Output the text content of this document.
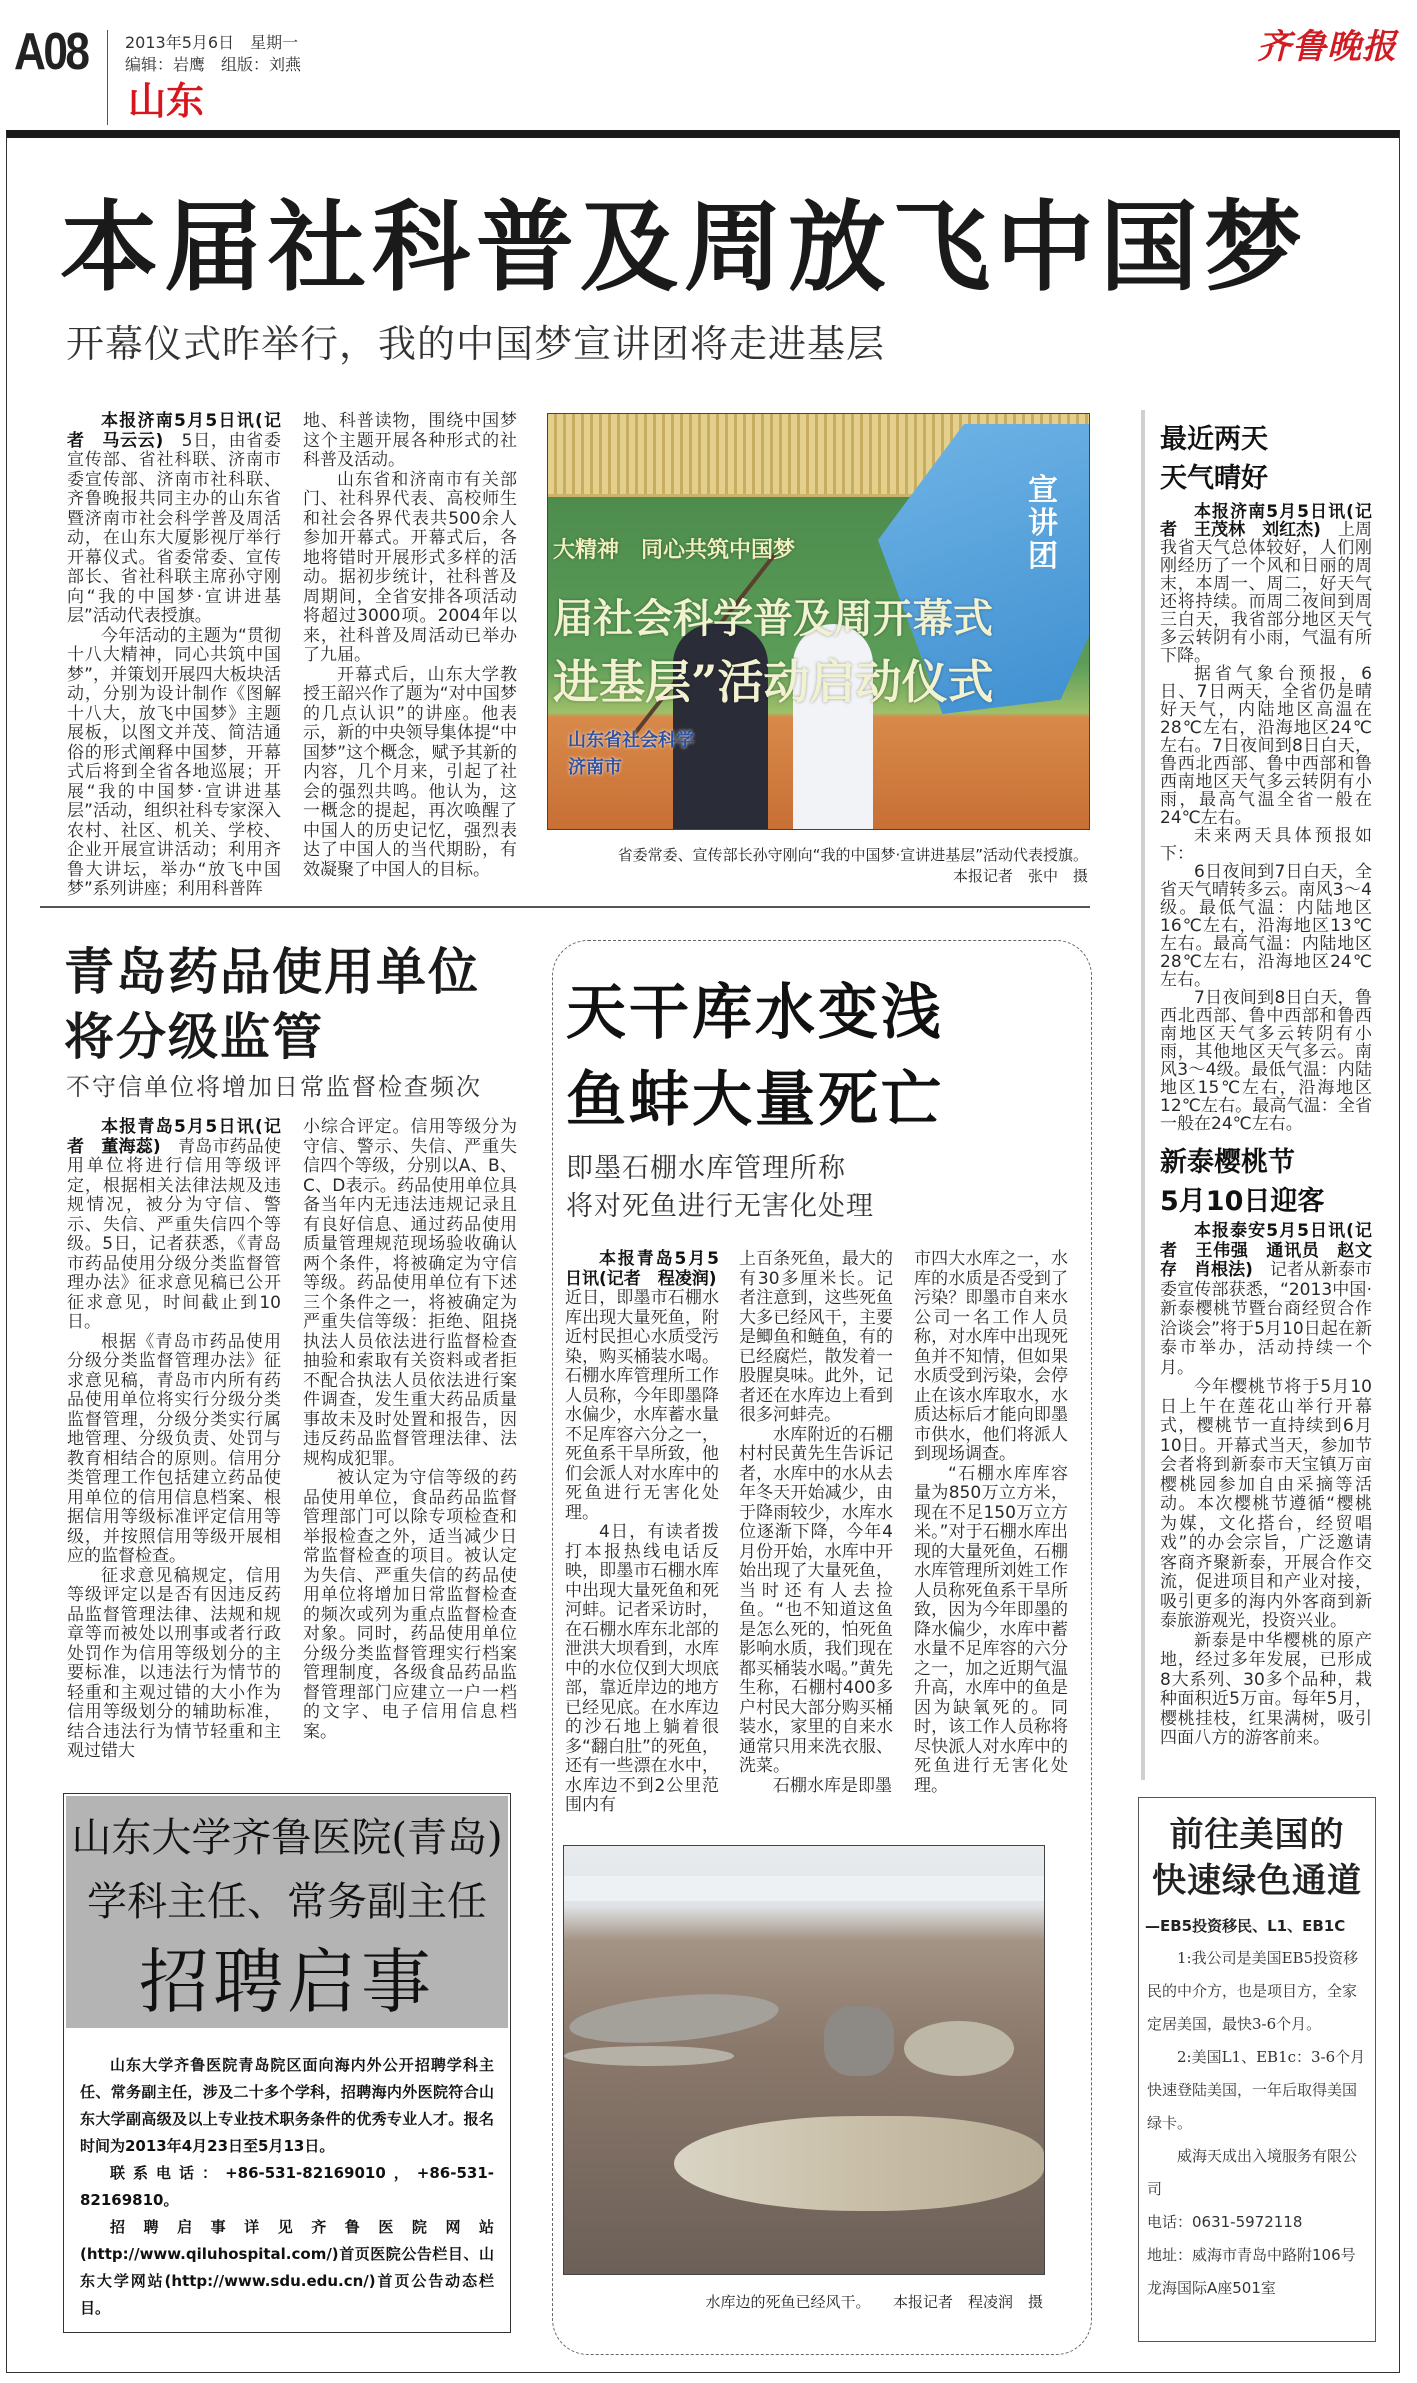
A08 2013年5月6日　星期一
编辑：岩鹰　组版：刘燕
山东
齐鲁晚报
本届社科普及周放飞中国梦
开幕仪式昨举行，我的中国梦宣讲团将走进基层

本报济南5月5日讯(记者　马云云)　5日，由省委宣传部、省社科联、济南市委宣传部、济南市社科联、齐鲁晚报共同主办的山东省暨济南市社会科学普及周活动，在山东大厦影视厅举行开幕仪式。省委常委、宣传部长、省社科联主席孙守刚向“我的中国梦·宣讲进基层”活动代表授旗。

今年活动的主题为“贯彻十八大精神，同心共筑中国梦”，并策划开展四大板块活动，分别为设计制作《图解十八大，放飞中国梦》主题展板，以图文并茂、简洁通俗的形式阐释中国梦，开幕式后将到全省各地巡展；开展“我的中国梦·宣讲进基层”活动，组织社科专家深入农村、社区、机关、学校、企业开展宣讲活动；利用齐鲁大讲坛，举办“放飞中国梦”系列讲座；利用科普阵

地、科普读物，围绕中国梦这个主题开展各种形式的社科普及活动。

山东省和济南市有关部门、社科界代表、高校师生和社会各界代表共500余人参加开幕式。开幕式后，各地将错时开展形式多样的活动。据初步统计，社科普及周期间，全省安排各项活动将超过3000项。2004年以来，社科普及周活动已举办了九届。

开幕式后，山东大学教授王韶兴作了题为“对中国梦的几点认识”的讲座。他表示，新的中央领导集体提“中国梦”这个概念，赋予其新的内容，几个月来，引起了社会的强烈共鸣。他认为，这一概念的提起，再次唤醒了中国人的历史记忆，强烈表达了中国人的当代期盼，有效凝聚了中国人的目标。

宣讲团
大精神　同心共筑中国梦
届社会科学普及周开幕式
进基层”活动启动仪式
山东省社会科学
济南市
省委常委、宣传部长孙守刚向“我的中国梦·宣讲进基层”活动代表授旗。
本报记者　张中　摄
最近两天
天气晴好

本报济南5月5日讯(记者　王茂林　刘红杰)　上周我省天气总体较好，人们刚刚经历了一个风和日丽的周末，本周一、周二，好天气还将持续。而周二夜间到周三白天，我省部分地区天气多云转阴有小雨，气温有所下降。

据省气象台预报，6日、7日两天，全省仍是晴好天气，内陆地区高温在28℃左右，沿海地区24℃左右。7日夜间到8日白天，鲁西北西部、鲁中西部和鲁西南地区天气多云转阴有小雨，最高气温全省一般在24℃左右。

未来两天具体预报如下：

6日夜间到7日白天，全省天气晴转多云。南风3～4级。最低气温：内陆地区16℃左右，沿海地区13℃左右。最高气温：内陆地区28℃左右，沿海地区24℃左右。

7日夜间到8日白天，鲁西北西部、鲁中西部和鲁西南地区天气多云转阴有小雨，其他地区天气多云。南风3～4级。最低气温：内陆地区15℃左右，沿海地区12℃左右。最高气温：全省一般在24℃左右。

新泰樱桃节
5月10日迎客

本报泰安5月5日讯(记者　王伟强　通讯员　赵文存　肖根法)　记者从新泰市委宣传部获悉，“2013中国·新泰樱桃节暨台商经贸合作洽谈会”将于5月10日起在新泰市举办，活动持续一个月。

今年樱桃节将于5月10日上午在莲花山举行开幕式，樱桃节一直持续到6月10日。开幕式当天，参加节会者将到新泰市天宝镇万亩樱桃园参加自由采摘等活动。本次樱桃节遵循“樱桃为媒，文化搭台，经贸唱戏”的办会宗旨，广泛邀请客商齐聚新泰，开展合作交流，促进项目和产业对接，吸引更多的海内外客商到新泰旅游观光，投资兴业。

新泰是中华樱桃的原产地，经过多年发展，已形成8大系列、30多个品种，栽种面积近5万亩。每年5月，樱桃挂枝，红果满树，吸引四面八方的游客前来。

青岛药品使用单位
将分级监管
不守信单位将增加日常监督检查频次

本报青岛5月5日讯(记者　董海蕊)　青岛市药品使用单位将进行信用等级评定，根据相关法律法规及违规情况，被分为守信、警示、失信、严重失信四个等级。5日，记者获悉，《青岛市药品使用分级分类监督管理办法》征求意见稿已公开征求意见，时间截止到10日。

根据《青岛市药品使用分级分类监督管理办法》征求意见稿，青岛市内所有药品使用单位将实行分级分类监督管理，分级分类实行属地管理、分级负责、处罚与教育相结合的原则。信用分类管理工作包括建立药品使用单位的信用信息档案、根据信用等级标准评定信用等级，并按照信用等级开展相应的监督检查。

征求意见稿规定，信用等级评定以是否有因违反药品监督管理法律、法规和规章等而被处以刑事或者行政处罚作为信用等级划分的主要标准，以违法行为情节的轻重和主观过错的大小作为信用等级划分的辅助标准，结合违法行为情节轻重和主观过错大

小综合评定。信用等级分为守信、警示、失信、严重失信四个等级，分别以A、B、C、D表示。药品使用单位具备当年内无违法违规记录且有良好信息、通过药品使用质量管理规范现场验收确认两个条件，将被确定为守信等级。药品使用单位有下述三个条件之一，将被确定为严重失信等级：拒绝、阻挠执法人员依法进行监督检查抽验和索取有关资料或者拒不配合执法人员依法进行案件调查，发生重大药品质量事故未及时处置和报告，因违反药品监督管理法律、法规构成犯罪。

被认定为守信等级的药品使用单位，食品药品监督管理部门可以除专项检查和举报检查之外，适当减少日常监督检查的项目。被认定为失信、严重失信的药品使用单位将增加日常监督检查的频次或列为重点监督检查对象。同时，药品使用单位分级分类监督管理实行档案管理制度，各级食品药品监督管理部门应建立一户一档的文字、电子信用信息档案。

天干库水变浅
鱼蚌大量死亡
即墨石棚水库管理所称
将对死鱼进行无害化处理

本报青岛5月5日讯(记者　程凌润)　近日，即墨市石棚水库出现大量死鱼，附近村民担心水质受污染，购买桶装水喝。石棚水库管理所工作人员称，今年即墨降水偏少，水库蓄水量不足库容六分之一，死鱼系干旱所致，他们会派人对水库中的死鱼进行无害化处理。

4日，有读者拨打本报热线电话反映，即墨市石棚水库中出现大量死鱼和死河蚌。记者采访时，在石棚水库东北部的泄洪大坝看到，水库中的水位仅到大坝底部，靠近岸边的地方已经见底。在水库边的沙石地上躺着很多“翻白肚”的死鱼，还有一些漂在水中，水库边不到2公里范围内有

上百条死鱼，最大的有30多厘米长。记者注意到，这些死鱼大多已经风干，主要是鲫鱼和鲢鱼，有的已经腐烂，散发着一股腥臭味。此外，记者还在水库边上看到很多河蚌壳。

水库附近的石棚村村民黄先生告诉记者，水库中的水从去年冬天开始减少，由于降雨较少，水库水位逐渐下降，今年4月份开始，水库中开始出现了大量死鱼，当时还有人去捡鱼。“也不知道这鱼是怎么死的，怕死鱼影响水质，我们现在都买桶装水喝。”黄先生称，石棚村400多户村民大部分购买桶装水，家里的自来水通常只用来洗衣服、洗菜。

石棚水库是即墨

市四大水库之一，水库的水质是否受到了污染？即墨市自来水公司一名工作人员称，对水库中出现死鱼并不知情，但如果水质受到污染，会停止在该水库取水，水质达标后才能向即墨市供水，他们将派人到现场调查。

“石棚水库库容量为850万立方米，现在不足150万立方米。”对于石棚水库出现的大量死鱼，石棚水库管理所刘姓工作人员称死鱼系干旱所致，因为今年即墨的降水偏少，水库中蓄水量不足库容的六分之一，加之近期气温升高，水库中的鱼是因为缺氧死的。同时，该工作人员称将尽快派人对水库中的死鱼进行无害化处理。

水库边的死鱼已经风干。　　 本报记者　程凌润　摄
山东大学齐鲁医院(青岛)
学科主任、常务副主任
招聘启事

山东大学齐鲁医院青岛院区面向海内外公开招聘学科主任、常务副主任，涉及二十多个学科，招聘海内外医院符合山东大学副高级及以上专业技术职务条件的优秀专业人才。报名时间为2013年4月23日至5月13日。

联系电话：+86-531-82169010，+86-531-82169810。

招聘启事详见齐鲁医院网站(http://www.qiluhospital.com/)首页医院公告栏目、山东大学网站(http://www.sdu.edu.cn/)首页公告动态栏目。

前往美国的
快速绿色通道
—EB5投资移民、L1、EB1C

1:我公司是美国EB5投资移民的中介方，也是项目方，全家定居美国，最快3-6个月。

2:美国L1、EB1c：3-6个月快速登陆美国，一年后取得美国绿卡。

威海天成出入境服务有限公司

电话：0631-5972118

地址：威海市青岛中路附106号龙海国际A座501室
